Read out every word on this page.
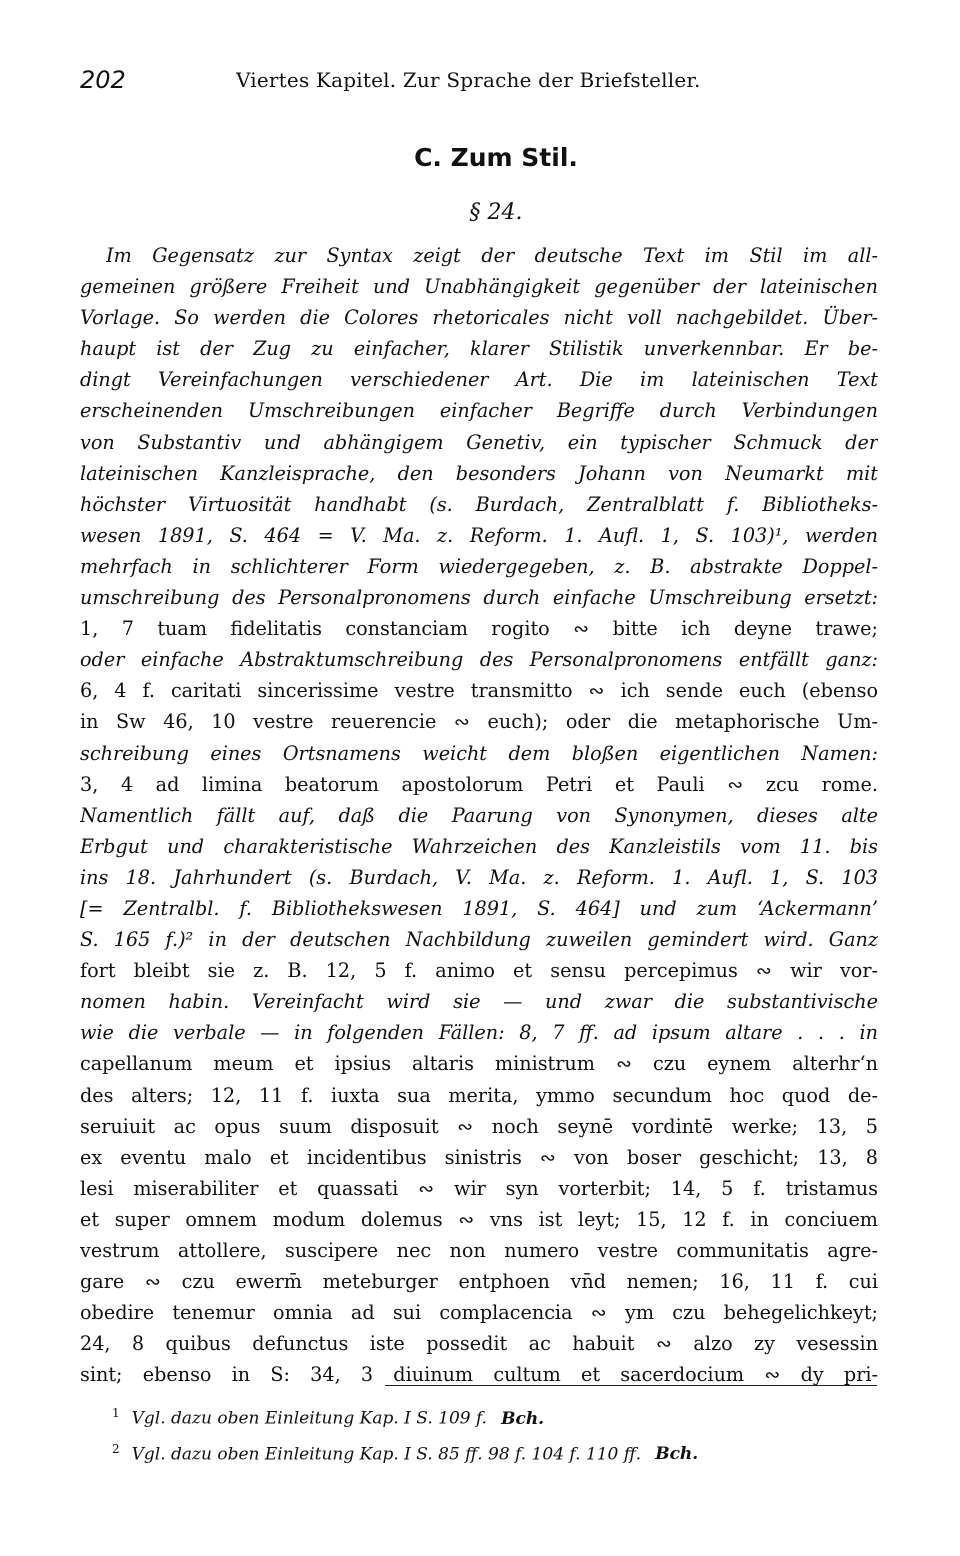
202	Viertes Kapitel. Zur Sprache der Briefsteller.
C. Zum Stil.
§ 24.
Im Gegensatz zur Syntax zeigt der deutsche Text im Stil im all-
gemeinen größere Freiheit und Unabhängigkeit gegenüber der lateinischen
Vorlage. So werden die Colores rhetoricales nicht voll nachgebildet. Über-
haupt ist der Zug zu einfacher, klarer Stilistik unverkennbar. Er be-
dingt Vereinfachungen verschiedener Art. Die im lateinischen Text
erscheinenden Umschreibungen einfacher Begriffe durch Verbindungen
von Substantiv und abhängigem Genetiv, ein typischer Schmuck der
lateinischen Kanzleisprache, den besonders Johann von Neumarkt mit
höchster Virtuosität handhabt (s. Burdach, Zentralblatt f. Bibliotheks-
wesen 1891, S. 464 = V. Ma. z. Reform. 1. Aufl. 1, S. 103)¹, werden
mehrfach in schlichterer Form wiedergegeben, z. B. abstrakte Doppel-
umschreibung des Personalpronomens durch einfache Umschreibung ersetzt:
1, 7 tuam fidelitatis constanciam rogito ∾ bitte ich deyne trawe;
oder einfache Abstraktumschreibung des Personalpronomens entfällt ganz:
6, 4 f. caritati sincerissime vestre transmitto ∾ ich sende euch (ebenso
in Sw 46, 10 vestre reuerencie ∾ euch); oder die metaphorische Um-
schreibung eines Ortsnamens weicht dem bloßen eigentlichen Namen:
3, 4 ad limina beatorum apostolorum Petri et Pauli ∾ zcu rome.
Namentlich fällt auf, daß die Paarung von Synonymen, dieses alte
Erbgut und charakteristische Wahrzeichen des Kanzleistils vom 11. bis
ins 18. Jahrhundert (s. Burdach, V. Ma. z. Reform. 1. Aufl. 1, S. 103
[= Zentralbl. f. Bibliothekswesen 1891, S. 464] und zum ‘Ackermann’
S. 165 f.)² in der deutschen Nachbildung zuweilen gemindert wird. Ganz
fort bleibt sie z. B. 12, 5 f. animo et sensu percepimus ∾ wir vor-
nomen habin. Vereinfacht wird sie — und zwar die substantivische
wie die verbale — in folgenden Fällen: 8, 7 ff. ad ipsum altare . . . in
capellanum meum et ipsius altaris ministrum ∾ czu eynem alterhr‘n
des alters; 12, 11 f. iuxta sua merita, ymmo secundum hoc quod de-
seruiuit ac opus suum disposuit ∾ noch seynē vordintē werke; 13, 5
ex eventu malo et incidentibus sinistris ∾ von boser geschicht; 13, 8
lesi miserabiliter et quassati ∾ wir syn vorterbit; 14, 5 f. tristamus
et super omnem modum dolemus ∾ vns ist leyt; 15, 12 f. in conciuem
vestrum attollere, suscipere nec non numero vestre communitatis agre-
gare ∾ czu ewerm̄ meteburger entphoen vn̄d nemen; 16, 11 f. cui
obedire tenemur omnia ad sui complacencia ∾ ym czu behegelichkeyt;
24, 8 quibus defunctus iste possedit ac habuit ∾ alzo zy vesessin
sint; ebenso in S: 34, 3 diuinum cultum et sacerdocium ∾ dy pri-
$^1$ Vgl. dazu oben Einleitung Kap. I S. 109 f. Bch.
$^2$ Vgl. dazu oben Einleitung Kap. I S. 85 ff. 98 f. 104 f. 110 ff. Bch.
